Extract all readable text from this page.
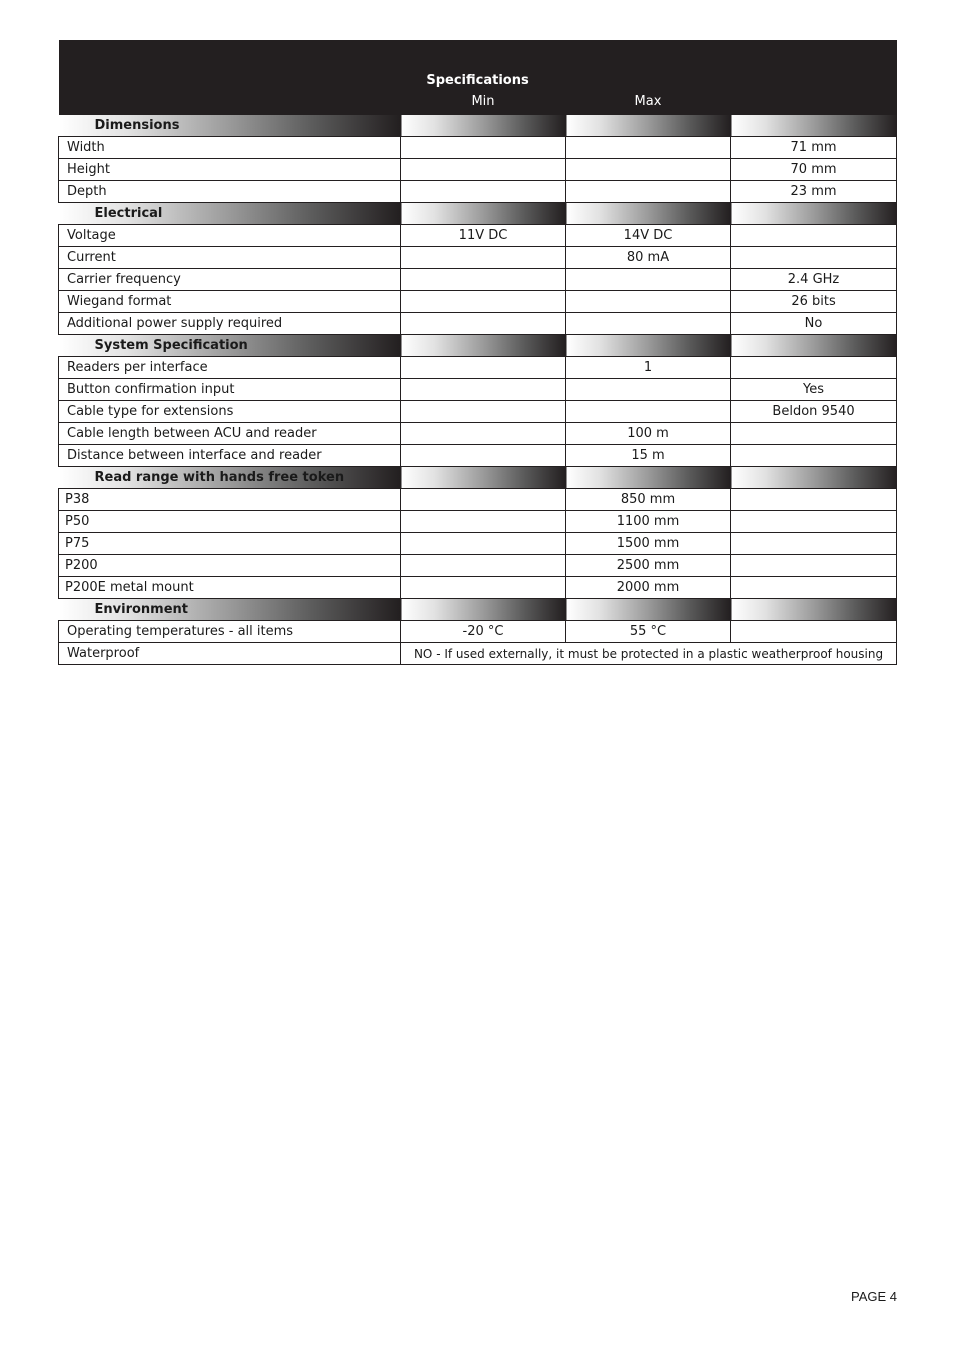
Specifications			
	Min	Max	
Dimensions			
Width			71 mm
Height			70 mm
Depth			23 mm
Electrical			
Voltage	11V DC	14V DC	
Current		80 mA	
Carrier frequency			2.4 GHz
Wiegand format			26 bits
Additional power supply required			No
System Specification			
Readers per interface		1	
Button confirmation input			Yes
Cable type for extensions			Beldon 9540
Cable length between ACU and reader		100 m	
Distance between interface and reader		15 m	
Read range with hands free token			
P38		850 mm	
P50		1100 mm	
P75		1500 mm	
P200		2500 mm	
P200E metal mount		2000 mm	
Environment			
Operating temperatures - all items	-20 °C	55 °C	
Waterproof	NO - If used externally, it must be protected in a plastic weatherproof housing		
PAGE 4
